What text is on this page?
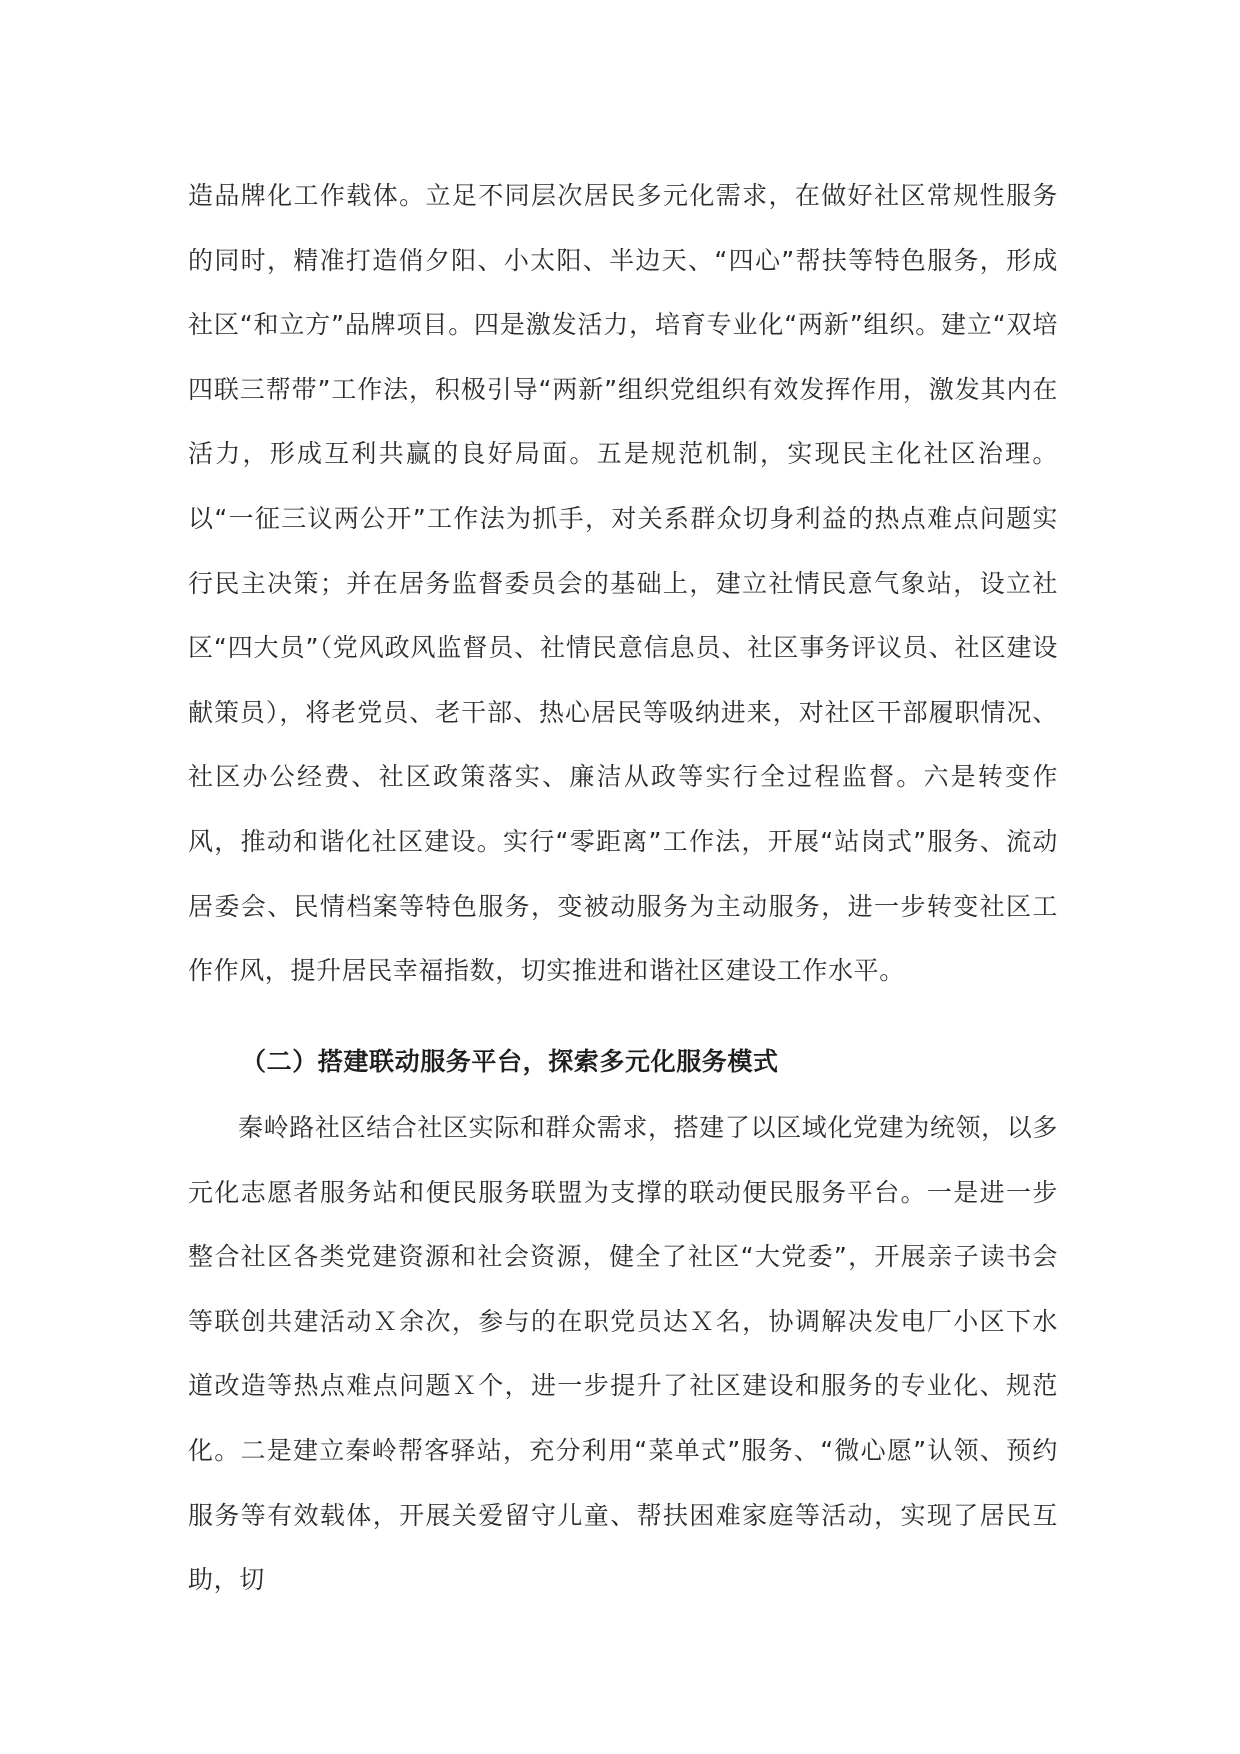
造品牌化工作载体。立足不同层次居民多元化需求，在做好社区常规性服务的同时，精准打造俏夕阳、小太阳、半边天、“四心”帮扶等特色服务，形成社区“和立方”品牌项目。四是激发活力，培育专业化“两新”组织。建立“双培四联三帮带”工作法，积极引导“两新”组织党组织有效发挥作用，激发其内在活力，形成互利共赢的良好局面。五是规范机制，实现民主化社区治理。以“一征三议两公开”工作法为抓手，对关系群众切身利益的热点难点问题实行民主决策；并在居务监督委员会的基础上，建立社情民意气象站，设立社区“四大员”（党风政风监督员、社情民意信息员、社区事务评议员、社区建设献策员），将老党员、老干部、热心居民等吸纳进来，对社区干部履职情况、社区办公经费、社区政策落实、廉洁从政等实行全过程监督。六是转变作风，推动和谐化社区建设。实行“零距离”工作法，开展“站岗式”服务、流动居委会、民情档案等特色服务，变被动服务为主动服务，进一步转变社区工作作风，提升居民幸福指数，切实推进和谐社区建设工作水平。

（二）搭建联动服务平台，探索多元化服务模式

秦岭路社区结合社区实际和群众需求，搭建了以区域化党建为统领，以多元化志愿者服务站和便民服务联盟为支撑的联动便民服务平台。一是进一步整合社区各类党建资源和社会资源，健全了社区“大党委”，开展亲子读书会等联创共建活动Ｘ余次，参与的在职党员达Ｘ名，协调解决发电厂小区下水道改造等热点难点问题Ｘ个，进一步提升了社区建设和服务的专业化、规范化。二是建立秦岭帮客驿站，充分利用“菜单式”服务、“微心愿”认领、预约服务等有效载体，开展关爱留守儿童、帮扶困难家庭等活动，实现了居民互助，切
